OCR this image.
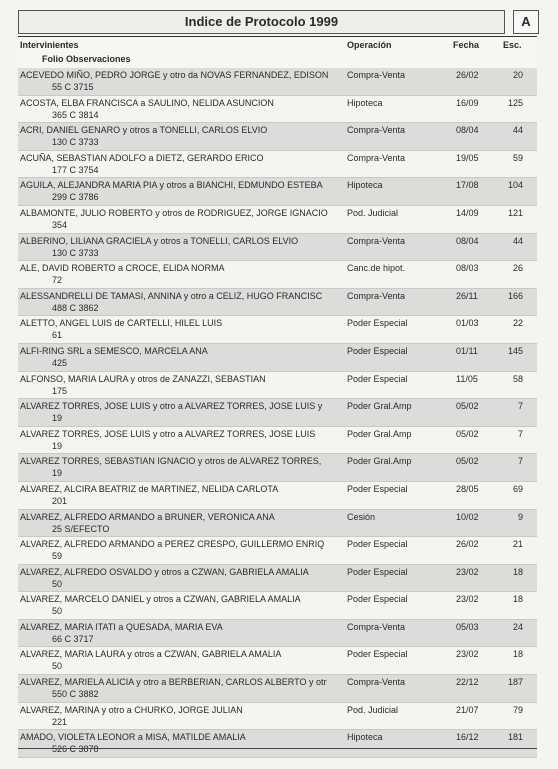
Indice de Protocolo 1999	A
Intervinientes
Folio Observaciones
Operación	Fecha	Esc.
ACEVEDO MIÑO, PEDRO JORGE y otro da NOVAS FERNANDEZ, EDISON
55 C 3715
Compra-Venta	26/02	20
ACOSTA, ELBA FRANCISCA a SAULINO, NELIDA ASUNCION
365 C 3814
Hipoteca	16/09	125
ACRI, DANIEL GENARO y otros a TONELLI, CARLOS ELVIO
130 C 3733
Compra-Venta	08/04	44
ACUÑA, SEBASTIAN ADOLFO a DIETZ, GERARDO ERICO
177 C 3754
Compra-Venta	19/05	59
AGUILA, ALEJANDRA MARIA PIA y otros a BIANCHI, EDMUNDO ESTEBA
299 C 3786
Hipoteca	17/08	104
ALBAMONTE, JULIO ROBERTO y otros de RODRIGUEZ, JORGE IGNACIO
354
Pod. Judicial	14/09	121
ALBERINO, LILIANA GRACIELA y otros a TONELLI, CARLOS ELVIO
130 C 3733
Compra-Venta	08/04	44
ALE, DAVID ROBERTO a CROCE, ELIDA NORMA
72
Canc.de hipot.	08/03	26
ALESSANDRELLI DE TAMASI, ANNINA y otro a CELIZ, HUGO FRANCISC
488 C 3862
Compra-Venta	26/11	166
ALETTO, ANGEL LUIS de CARTELLI, HILEL LUIS
61
Poder Especial	01/03	22
ALFI-RING SRL a SEMESCO, MARCELA ANA
425
Poder Especial	01/11	145
ALFONSO, MARIA LAURA y otros de ZANAZZI, SEBASTIAN
175
Poder Especial	11/05	58
ALVAREZ TORRES, JOSE LUIS y otro a ALVAREZ TORRES, JOSE LUIS y
19
Poder Gral.Amp	05/02	7
ALVAREZ TORRES, JOSE LUIS y otro a ALVAREZ TORRES, JOSE LUIS
19
Poder Gral.Amp	05/02	7
ALVAREZ TORRES, SEBASTIAN IGNACIO y otros de ALVAREZ TORRES,
19
Poder Gral.Amp	05/02	7
ALVAREZ, ALCIRA BEATRIZ de MARTINEZ, NELIDA CARLOTA
201
Poder Especial	28/05	69
ALVAREZ, ALFREDO ARMANDO a BRUNER, VERONICA ANA
25 S/EFECTO
Cesión	10/02	9
ALVAREZ, ALFREDO ARMANDO a PEREZ CRESPO, GUILLERMO ENRIQ
59
Poder Especial	26/02	21
ALVAREZ, ALFREDO OSVALDO y otros a CZWAN, GABRIELA AMALIA
50
Poder Especial	23/02	18
ALVAREZ, MARCELO DANIEL y otros a CZWAN, GABRIELA AMALIA
50
Poder Especial	23/02	18
ALVAREZ, MARIA ITATI a QUESADA, MARIA EVA
66 C 3717
Compra-Venta	05/03	24
ALVAREZ, MARIA LAURA y otros a CZWAN, GABRIELA AMALIA
50
Poder Especial	23/02	18
ALVAREZ, MARIELA ALICIA y otro a BERBERIAN, CARLOS ALBERTO y otr
550 C 3882
Compra-Venta	22/12	187
ALVAREZ, MARINA y otro a CHURKO, JORGE JULIAN
221
Pod. Judicial	21/07	79
AMADO, VIOLETA LEONOR a MISA, MATILDE AMALIA
526 C 3878
Hipoteca	16/12	181
